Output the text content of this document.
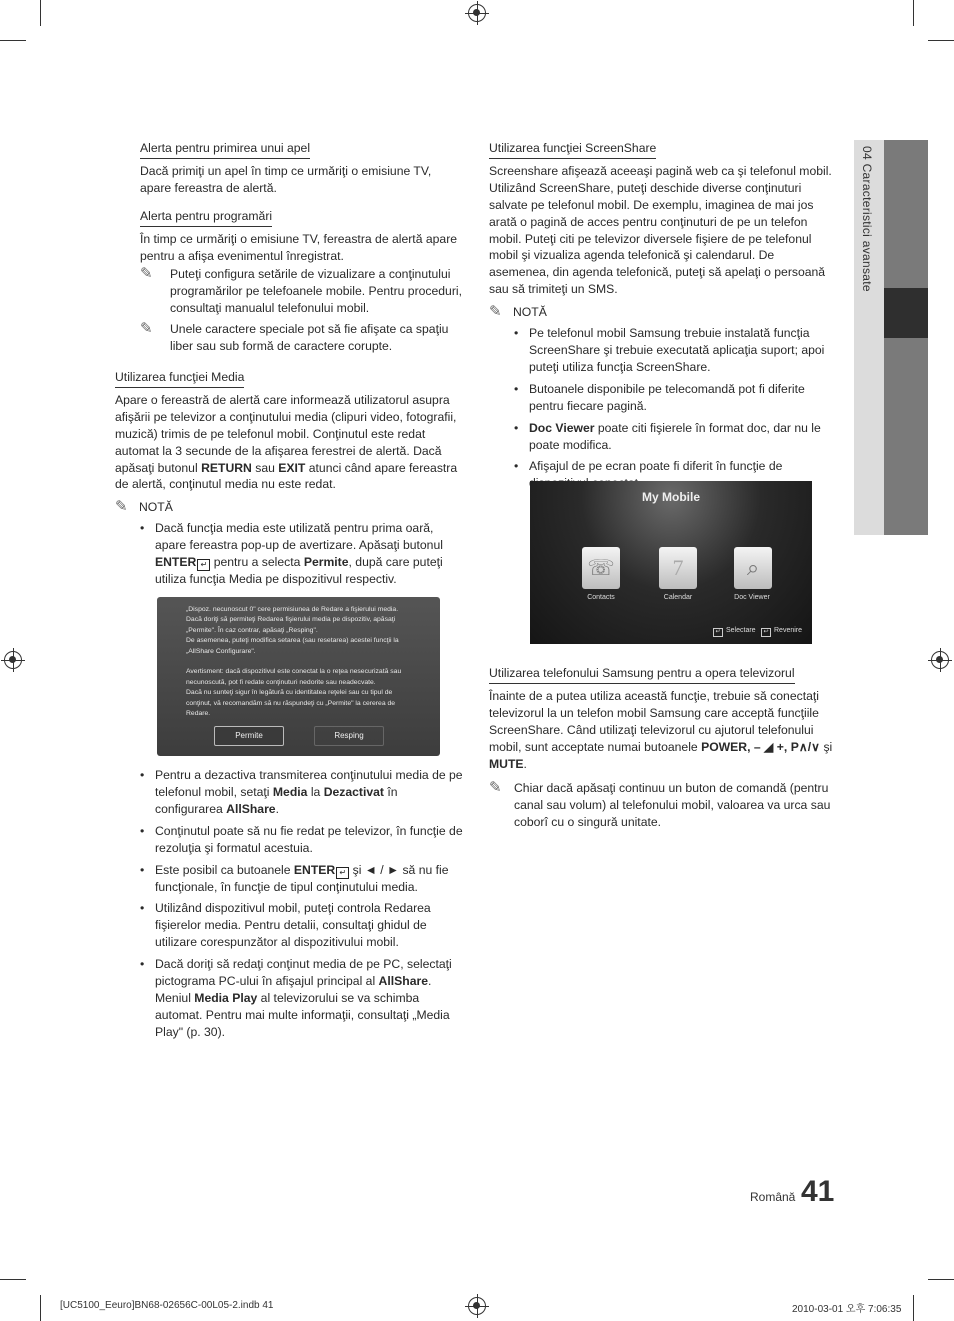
04 Caracteristici avansate
Alerta pentru primirea unui apel

Dacă primiţi un apel în timp ce urmăriţi o emisiune TV, apare fereastra de alertă.

Alerta pentru programări

În timp ce urmăriţi o emisiune TV, fereastra de alertă apare pentru a afişa evenimentul înregistrat.

✎ Puteţi configura setările de vizualizare a conţinutului programărilor pe telefoanele mobile. Pentru proceduri, consultaţi manualul telefonului mobil.
✎ Unele caractere speciale pot să fie afişate ca spaţiu liber sau sub formă de caractere corupte.
Utilizarea funcţiei Media

Apare o fereastră de alertă care informează utilizatorul asupra afişării pe televizor a conţinutului media (clipuri video, fotografii, muzică) trimis de pe telefonul mobil. Conţinutul este redat automat la 3 secunde de la afişarea ferestrei de alertă. Dacă apăsaţi butonul RETURN sau EXIT atunci când apare fereastra de alertă, conţinutul media nu este redat.

✎ NOTĂ
• Dacă funcţia media este utilizată pentru prima oară, apare fereastra pop-up de avertizare. Apăsaţi butonul ENTER ↵ pentru a selecta Permite, după care puteţi utiliza funcţia Media pe dispozitivul respectiv.
„Dispoz. necunoscut 0" cere permisiunea de Redare a fişierului media.
Dacă doriţi să permiteţi Redarea fişierului media pe dispozitiv, apăsaţi „Permite". În caz contrar, apăsaţi „Resping".
De asemenea, puteţi modifica setarea (sau resetarea) acestei funcţii la „AllShare Configurare".

Avertisment: dacă dispozitivul este conectat la o reţea nesecurizată sau necunoscută, pot fi redate conţinuturi nedorite sau neadecvate.
Dacă nu sunteţi sigur în legătură cu identitatea reţelei sau cu tipul de conţinut, vă recomandăm să nu răspundeţi cu „Permite" la cererea de Redare.
Permite	Resping
• Pentru a dezactiva transmiterea conţinutului media de pe telefonul mobil, setaţi Media la Dezactivat în configurarea AllShare.
• Conţinutul poate să nu fie redat pe televizor, în funcţie de rezoluţia şi formatul acestuia.
• Este posibil ca butoanele ENTER ↵ şi ◄ / ► să nu fie funcţionale, în funcţie de tipul conţinutului media.
• Utilizând dispozitivul mobil, puteţi controla Redarea fişierelor media. Pentru detalii, consultaţi ghidul de utilizare corespunzător al dispozitivului mobil.
• Dacă doriţi să redaţi conţinut media de pe PC, selectaţi pictograma PC-ului în afişajul principal al AllShare. Meniul Media Play al televizorului se va schimba automat. Pentru mai multe informaţii, consultaţi „Media Play" (p. 30).
Utilizarea funcţiei ScreenShare

Screenshare afişează aceeaşi pagină web ca şi telefonul mobil. Utilizând ScreenShare, puteţi deschide diverse conţinuturi salvate pe telefonul mobil. De exemplu, imaginea de mai jos arată o pagină de acces pentru conţinuturi de pe un telefon mobil. Puteţi citi pe televizor diversele fişiere de pe telefonul mobil şi vizualiza agenda telefonică şi calendarul. De asemenea, din agenda telefonică, puteţi să apelaţi o persoană sau să trimiteţi un SMS.

✎ NOTĂ
• Pe telefonul mobil Samsung trebuie instalată funcţia ScreenShare şi trebuie executată aplicaţia suport; apoi puteţi utiliza funcţia ScreenShare.
• Butoanele disponibile pe telecomandă pot fi diferite pentru fiecare pagină.
• Doc Viewer poate citi fişierele în format doc, dar nu le poate modifica.
• Afişajul de pe ecran poate fi diferit în funcţie de
My Mobile
☏	7	⌕
Contacts	Calendar	Doc Viewer
↵ Selectare	↩ Revenire
Utilizarea telefonului Samsung pentru a opera televizorul

Înainte de a putea utiliza această funcţie, trebuie să conectaţi televizorul la un telefon mobil Samsung care acceptă funcţiile ScreenShare. Când utilizaţi televizorul cu ajutorul telefonului mobil, sunt acceptate numai butoanele POWER, – ◢ +, P∧/∨ şi MUTE.

✎ Chiar dacă apăsaţi continuu un buton de comandă (pentru canal sau volum) al telefonului mobil, valoarea va urca sau coborî cu o singură unitate.
Română 41
[UC5100_Eeuro]BN68-02656C-00L05-2.indb 41	2010-03-01 오후 7:06:35
